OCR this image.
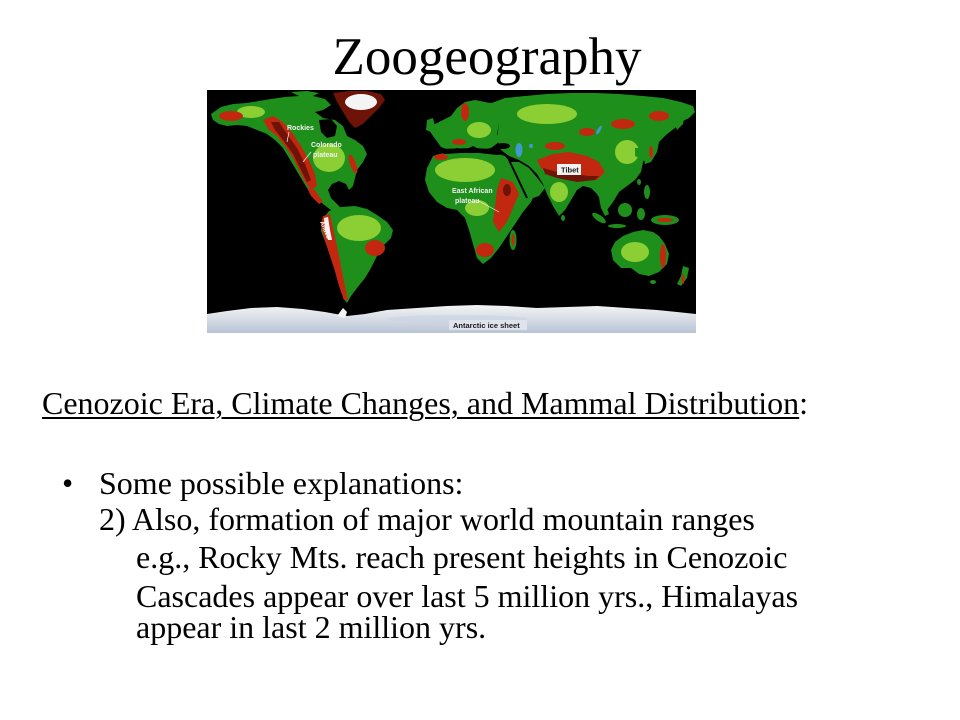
Zoogeography
Antarctic ice sheet
Rockies
Colorado
plateau
Andes
East African
plateau
Tibet
Cenozoic Era, Climate Changes, and Mammal Distribution:
• Some possible explanations:
2) Also, formation of major world mountain ranges
e.g., Rocky Mts. reach present heights in Cenozoic
Cascades appear over last 5 million yrs., Himalayas appear in last 2 million yrs.
